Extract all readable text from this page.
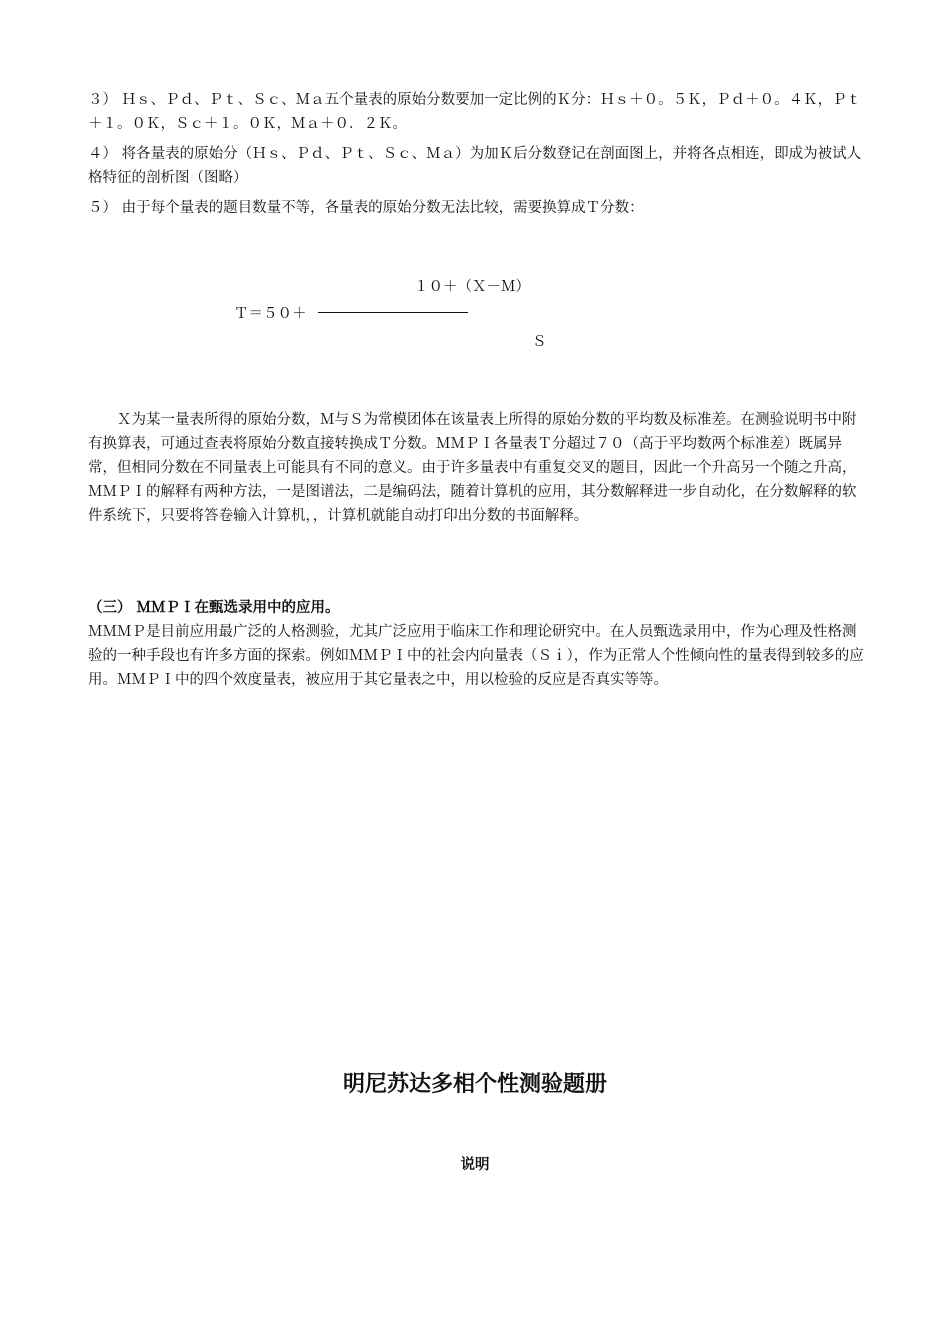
３） Ｈｓ、Ｐｄ、Ｐｔ、Ｓｃ、Ｍａ五个量表的原始分数要加一定比例的Ｋ分：Ｈｓ＋０。５Ｋ，Ｐｄ＋０。４Ｋ，Ｐｔ＋１。０Ｋ，Ｓｃ＋１。０Ｋ，Ｍａ＋０．２Ｋ。

４） 将各量表的原始分（Ｈｓ、Ｐｄ、Ｐｔ、Ｓｃ、Ｍａ）为加Ｋ后分数登记在剖面图上，并将各点相连，即成为被试人格特征的剖析图（图略）

５） 由于每个量表的题目数量不等，各量表的原始分数无法比较，需要换算成Ｔ分数：

１０＋（Ｘ－Ｍ）
Ｔ＝５０＋
Ｓ

Ｘ为某一量表所得的原始分数，Ｍ与Ｓ为常模团体在该量表上所得的原始分数的平均数及标准差。在测验说明书中附有换算表，可通过查表将原始分数直接转换成Ｔ分数。ＭＭＰＩ各量表Ｔ分超过７０（高于平均数两个标准差）既属异常，但相同分数在不同量表上可能具有不同的意义。由于许多量表中有重复交叉的题目，因此一个升高另一个随之升高，ＭＭＰＩ的解释有两种方法，一是图谱法，二是编码法，随着计算机的应用，其分数解释进一步自动化，在分数解释的软件系统下，只要将答卷输入计算机，，计算机就能自动打印出分数的书面解释。

（三） ＭＭＰＩ在甄选录用中的应用。

ＭＭＭＰ是目前应用最广泛的人格测验，尤其广泛应用于临床工作和理论研究中。在人员甄选录用中，作为心理及性格测验的一种手段也有许多方面的探索。例如ＭＭＰＩ中的社会内向量表（Ｓｉ），作为正常人个性倾向性的量表得到较多的应用。ＭＭＰＩ中的四个效度量表，被应用于其它量表之中，用以检验的反应是否真实等等。

明尼苏达多相个性测验题册
说明
